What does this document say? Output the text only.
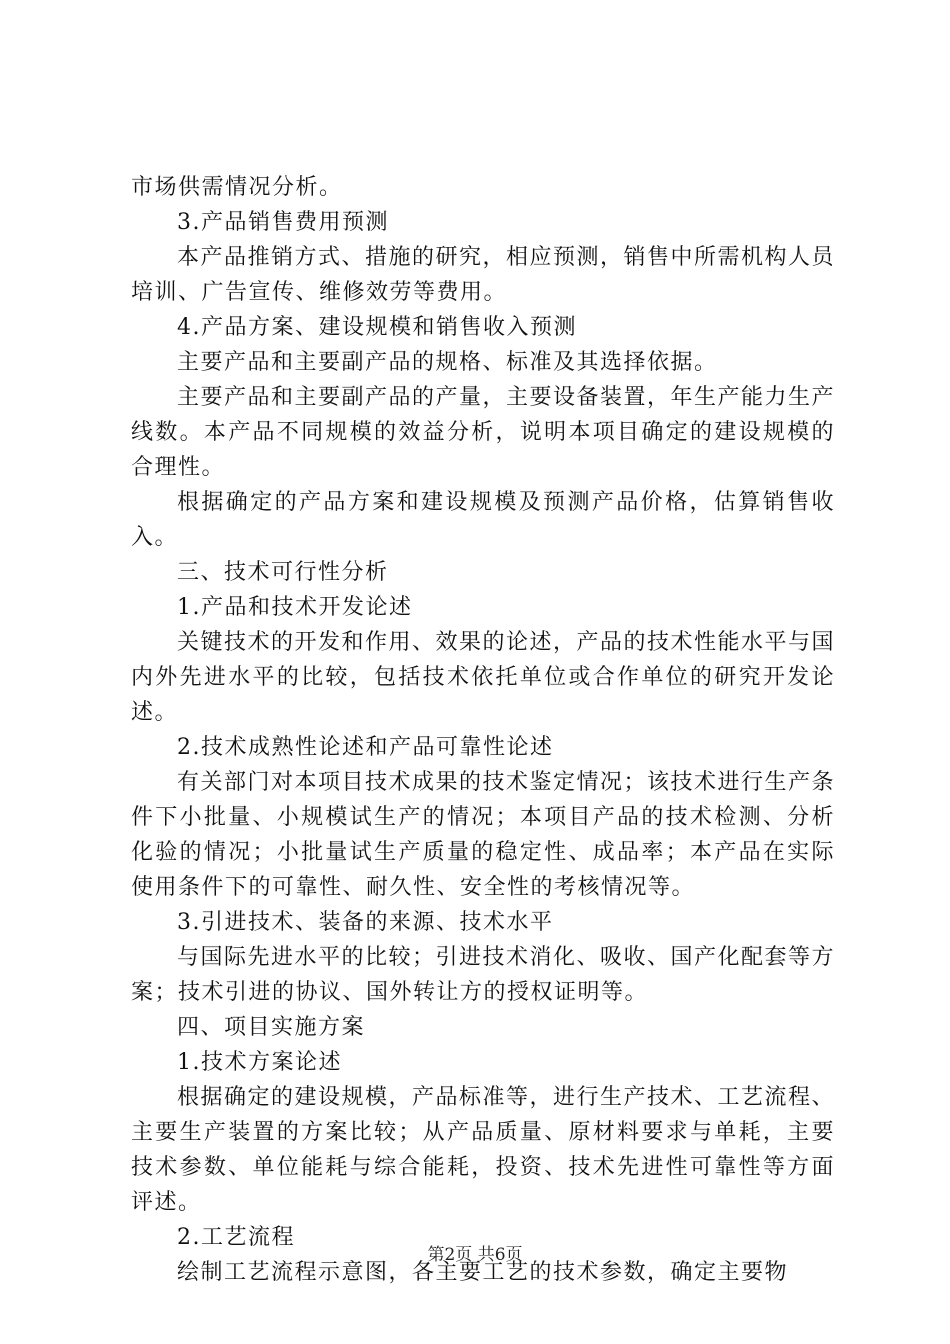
市场供需情况分析。

3.产品销售费用预测

本产品推销方式、措施的研究，相应预测，销售中所需机构人员培训、广告宣传、维修效劳等费用。

4.产品方案、建设规模和销售收入预测

主要产品和主要副产品的规格、标准及其选择依据。

主要产品和主要副产品的产量，主要设备装置，年生产能力生产线数。本产品不同规模的效益分析，说明本项目确定的建设规模的合理性。

根据确定的产品方案和建设规模及预测产品价格，估算销售收入。

三、技术可行性分析

1.产品和技术开发论述

关键技术的开发和作用、效果的论述，产品的技术性能水平与国内外先进水平的比较，包括技术依托单位或合作单位的研究开发论述。

2.技术成熟性论述和产品可靠性论述

有关部门对本项目技术成果的技术鉴定情况；该技术进行生产条件下小批量、小规模试生产的情况；本项目产品的技术检测、分析化验的情况；小批量试生产质量的稳定性、成品率；本产品在实际使用条件下的可靠性、耐久性、安全性的考核情况等。

3.引进技术、装备的来源、技术水平

与国际先进水平的比较；引进技术消化、吸收、国产化配套等方案；技术引进的协议、国外转让方的授权证明等。

四、项目实施方案

1.技术方案论述

根据确定的建设规模，产品标准等，进行生产技术、工艺流程、主要生产装置的方案比较；从产品质量、原材料要求与单耗，主要技术参数、单位能耗与综合能耗，投资、技术先进性可靠性等方面评述。

2.工艺流程

绘制工艺流程示意图，各主要工艺的技术参数，确定主要物

第2页 共6页
